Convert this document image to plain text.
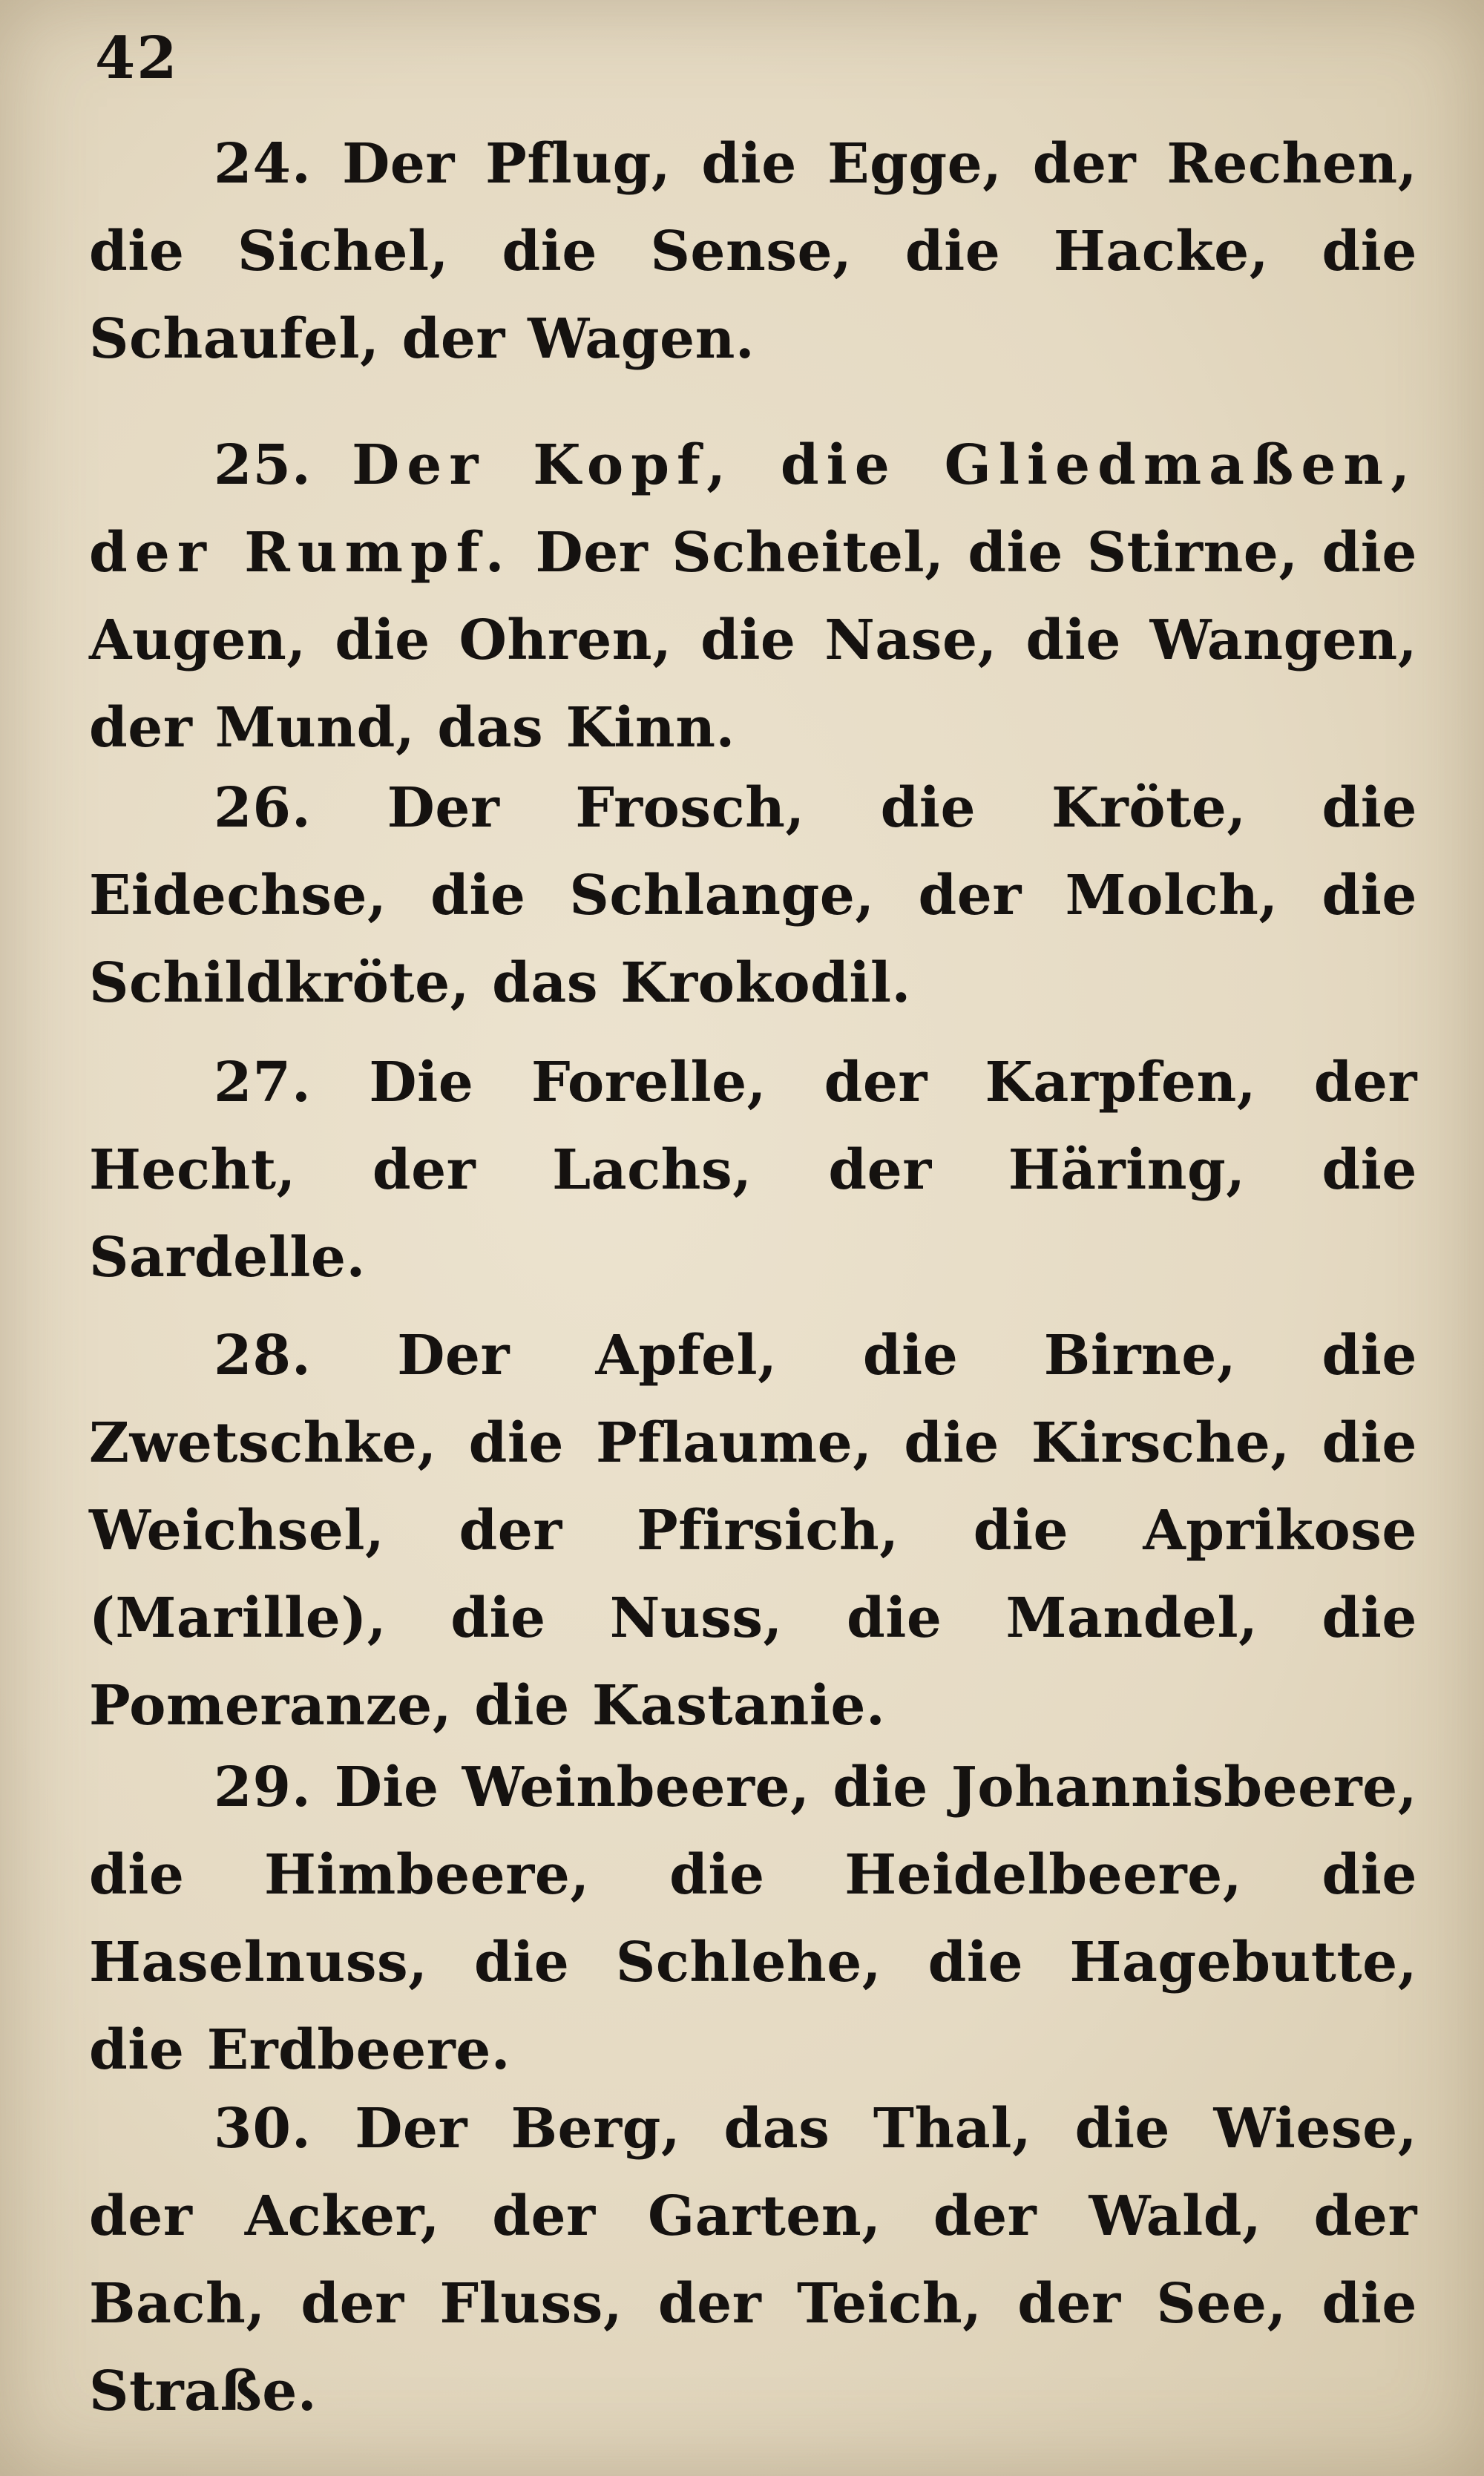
42

24. Der Pflug, die Egge, der Rechen, die Sichel, die Sense, die Hacke, die Schaufel, der Wagen.

25. Der Kopf, die Gliedmaßen, der Rumpf. Der Scheitel, die Stirne, die Augen, die Ohren, die Nase, die Wangen, der Mund, das Kinn.

26. Der Frosch, die Kröte, die Eidechse, die Schlange, der Molch, die Schildkröte, das Krokodil.

27. Die Forelle, der Karpfen, der Hecht, der Lachs, der Häring, die Sardelle.

28. Der Apfel, die Birne, die Zwetschke, die Pflaume, die Kirsche, die Weichsel, der Pfirsich, die Aprikose (Marille), die Nuss, die Mandel, die Pomeranze, die Kastanie.

29. Die Weinbeere, die Johannisbeere, die Himbeere, die Heidelbeere, die Haselnuss, die Schlehe, die Hagebutte, die Erdbeere.

30. Der Berg, das Thal, die Wiese, der Acker, der Garten, der Wald, der Bach, der Fluss, der Teich, der See, die Straße.
